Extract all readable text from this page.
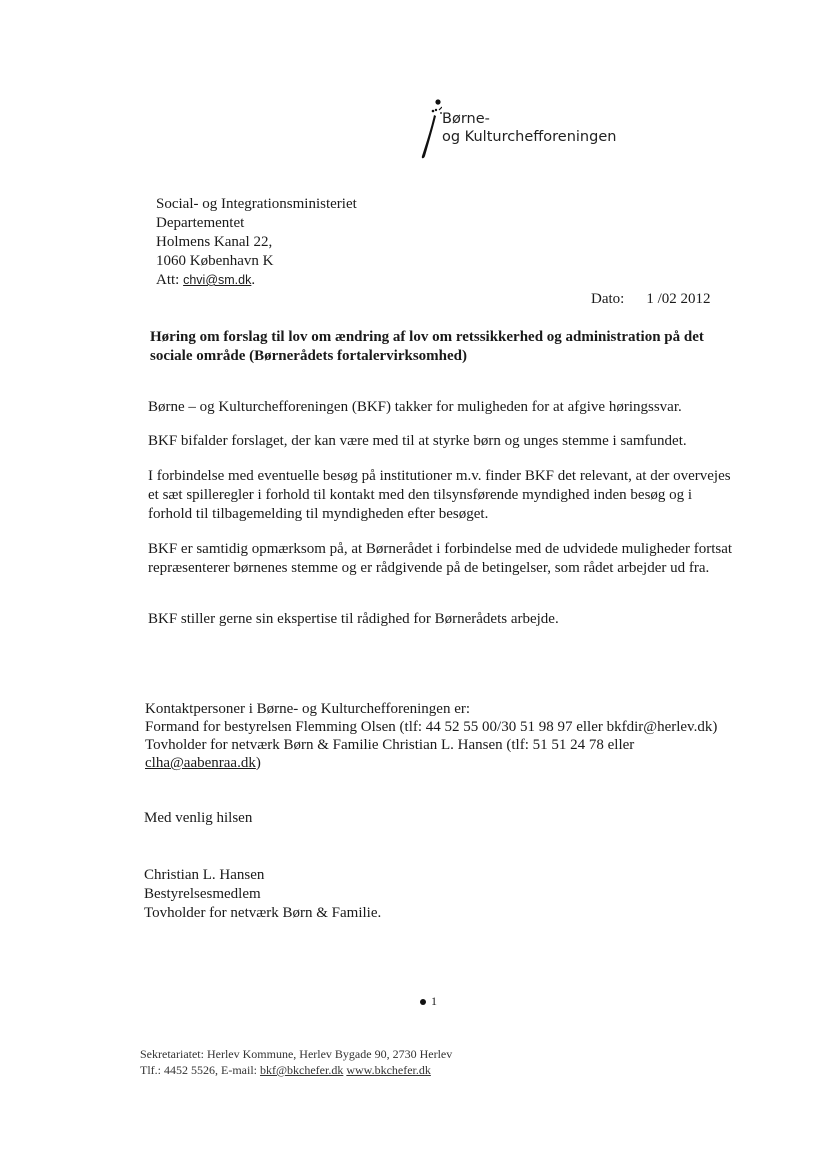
Børne-
og Kulturchefforeningen
Social- og Integrationsministeriet
Departementet
Holmens Kanal 22,
1060 København K
Att: chvi@sm.dk.
Dato: 1 /02 2012
Høring om forslag til lov om ændring af lov om retssikkerhed og administration på det sociale område (Børnerådets fortalervirksomhed)
Børne – og Kulturchefforeningen (BKF) takker for muligheden for at afgive høringssvar.
BKF bifalder forslaget, der kan være med til at styrke børn og unges stemme i samfundet.
I forbindelse med eventuelle besøg på institutioner m.v. finder BKF det relevant, at der overvejes et sæt spilleregler i forhold til kontakt med den tilsynsførende myndighed inden besøg og i forhold til tilbagemelding til myndigheden efter besøget.
BKF er samtidig opmærksom på, at Børnerådet i forbindelse med de udvidede muligheder fortsat repræsenterer børnenes stemme og er rådgivende på de betingelser, som rådet arbejder ud fra.
BKF stiller gerne sin ekspertise til rådighed for Børnerådets arbejde.
Kontaktpersoner i Børne- og Kulturchefforeningen er:
Formand for bestyrelsen Flemming Olsen (tlf: 44 52 55 00/30 51 98 97 eller bkfdir@herlev.dk)
Tovholder for netværk Børn & Familie Christian L. Hansen (tlf: 51 51 24 78 eller
clha@aabenraa.dk)
Med venlig hilsen
Christian L. Hansen
Bestyrelsesmedlem
Tovholder for netværk Børn & Familie.
1
Sekretariatet: Herlev Kommune, Herlev Bygade 90, 2730 Herlev
Tlf.: 4452 5526, E-mail: bkf@bkchefer.dk www.bkchefer.dk
